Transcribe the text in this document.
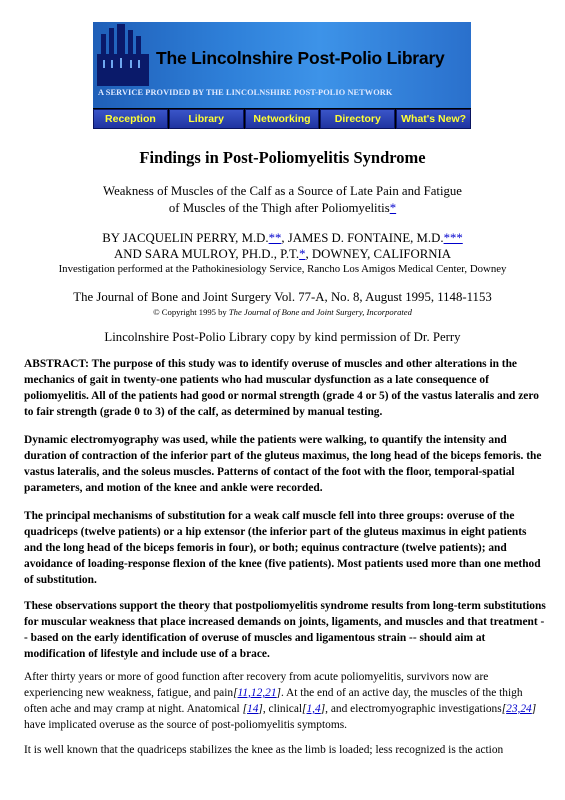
The Lincolnshire Post-Polio Library
A SERVICE PROVIDED BY THE LINCOLNSHIRE POST-POLIO NETWORK
Reception	Library	Networking	Directory	What's New?
Findings in Post-Poliomyelitis Syndrome
Weakness of Muscles of the Calf as a Source of Late Pain and Fatigue
of Muscles of the Thigh after Poliomyelitis*
BY JACQUELIN PERRY, M.D.**, JAMES D. FONTAINE, M.D.***
AND SARA MULROY, PH.D., P.T.*, DOWNEY, CALIFORNIA
Investigation performed at the Pathokinesiology Service, Rancho Los Amigos Medical Center, Downey
The Journal of Bone and Joint Surgery Vol. 77-A, No. 8, August 1995, 1148-1153
© Copyright 1995 by The Journal of Bone and Joint Surgery, Incorporated
Lincolnshire Post-Polio Library copy by kind permission of Dr. Perry

ABSTRACT: The purpose of this study was to identify overuse of muscles and other alterations in the mechanics of gait in twenty-one patients who had muscular dysfunction as a late consequence of poliomyelitis. All of the patients had good or normal strength (grade 4 or 5) of the vastus lateralis and zero to fair strength (grade 0 to 3) of the calf, as determined by manual testing.

Dynamic electromyography was used, while the patients were walking, to quantify the intensity and duration of contraction of the inferior part of the gluteus maximus, the long head of the biceps femoris. the vastus lateralis, and the soleus muscles. Patterns of contact of the foot with the floor, temporal-spatial parameters, and motion of the knee and ankle were recorded.

The principal mechanisms of substitution for a weak calf muscle fell into three groups: overuse of the quadriceps (twelve patients) or a hip extensor (the inferior part of the gluteus maximus in eight patients and the long head of the biceps femoris in four), or both; equinus contracture (twelve patients); and avoidance of loading-response flexion of the knee (five patients). Most patients used more than one method of substitution.

These observations support the theory that postpoliomyelitis syndrome results from long-term substitutions for muscular weakness that place increased demands on joints, ligaments, and muscles and that treatment -- based on the early identification of overuse of muscles and ligamentous strain -- should aim at modification of lifestyle and include use of a brace.

After thirty years or more of good function after recovery from acute poliomyelitis, survivors now are experiencing new weakness, fatigue, and pain[11,12,21]. At the end of an active day, the muscles of the thigh often ache and may cramp at night. Anatomical [14], clinical[1,4], and electromyographic investigations[23,24] have implicated overuse as the source of post-poliomyelitis symptoms.

It is well known that the quadriceps stabilizes the knee as the limb is loaded; less recognized is the action
